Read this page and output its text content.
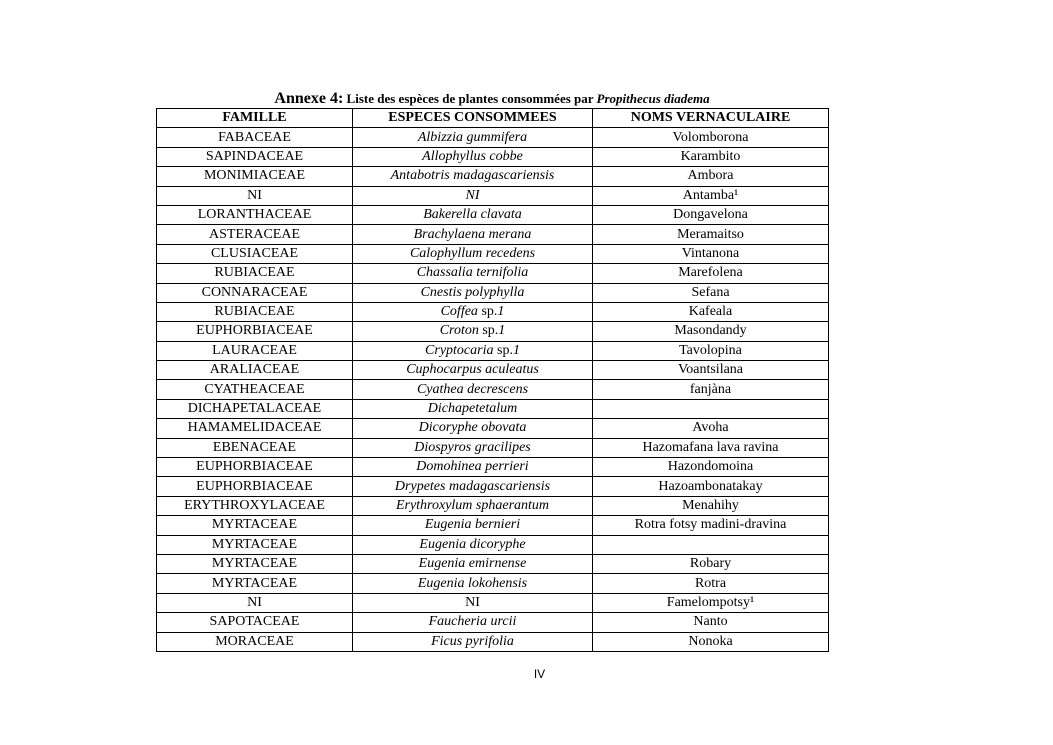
Annexe 4: Liste des espèces de plantes consommées par Propithecus diadema
FAMILLE	ESPECES CONSOMMEES	NOMS VERNACULAIRE
FABACEAE	Albizzia gummifera	Volomborona
SAPINDACEAE	Allophyllus cobbe	Karambito
MONIMIACEAE	Antabotris madagascariensis	Ambora
NI	NI	Antamba¹
LORANTHACEAE	Bakerella clavata	Dongavelona
ASTERACEAE	Brachylaena merana	Meramaitso
CLUSIACEAE	Calophyllum recedens	Vintanona
RUBIACEAE	Chassalia ternifolia	Marefolena
CONNARACEAE	Cnestis polyphylla	Sefana
RUBIACEAE	Coffea sp.1	Kafeala
EUPHORBIACEAE	Croton sp.1	Masondandy
LAURACEAE	Cryptocaria sp.1	Tavolopina
ARALIACEAE	Cuphocarpus aculeatus	Voantsilana
CYATHEACEAE	Cyathea decrescens	fanjàna
DICHAPETALACEAE	Dichapetetalum	
HAMAMELIDACEAE	Dicoryphe obovata	Avoha
EBENACEAE	Diospyros gracilipes	Hazomafana lava ravina
EUPHORBIACEAE	Domohinea perrieri	Hazondomoina
EUPHORBIACEAE	Drypetes madagascariensis	Hazoambonatakay
ERYTHROXYLACEAE	Erythroxylum sphaerantum	Menahihy
MYRTACEAE	Eugenia bernieri	Rotra fotsy madini-dravina
MYRTACEAE	Eugenia dicoryphe	
MYRTACEAE	Eugenia emirnense	Robary
MYRTACEAE	Eugenia lokohensis	Rotra
NI	NI	Famelompotsy¹
SAPOTACEAE	Faucheria urcii	Nanto
MORACEAE	Ficus pyrifolia	Nonoka
IV
